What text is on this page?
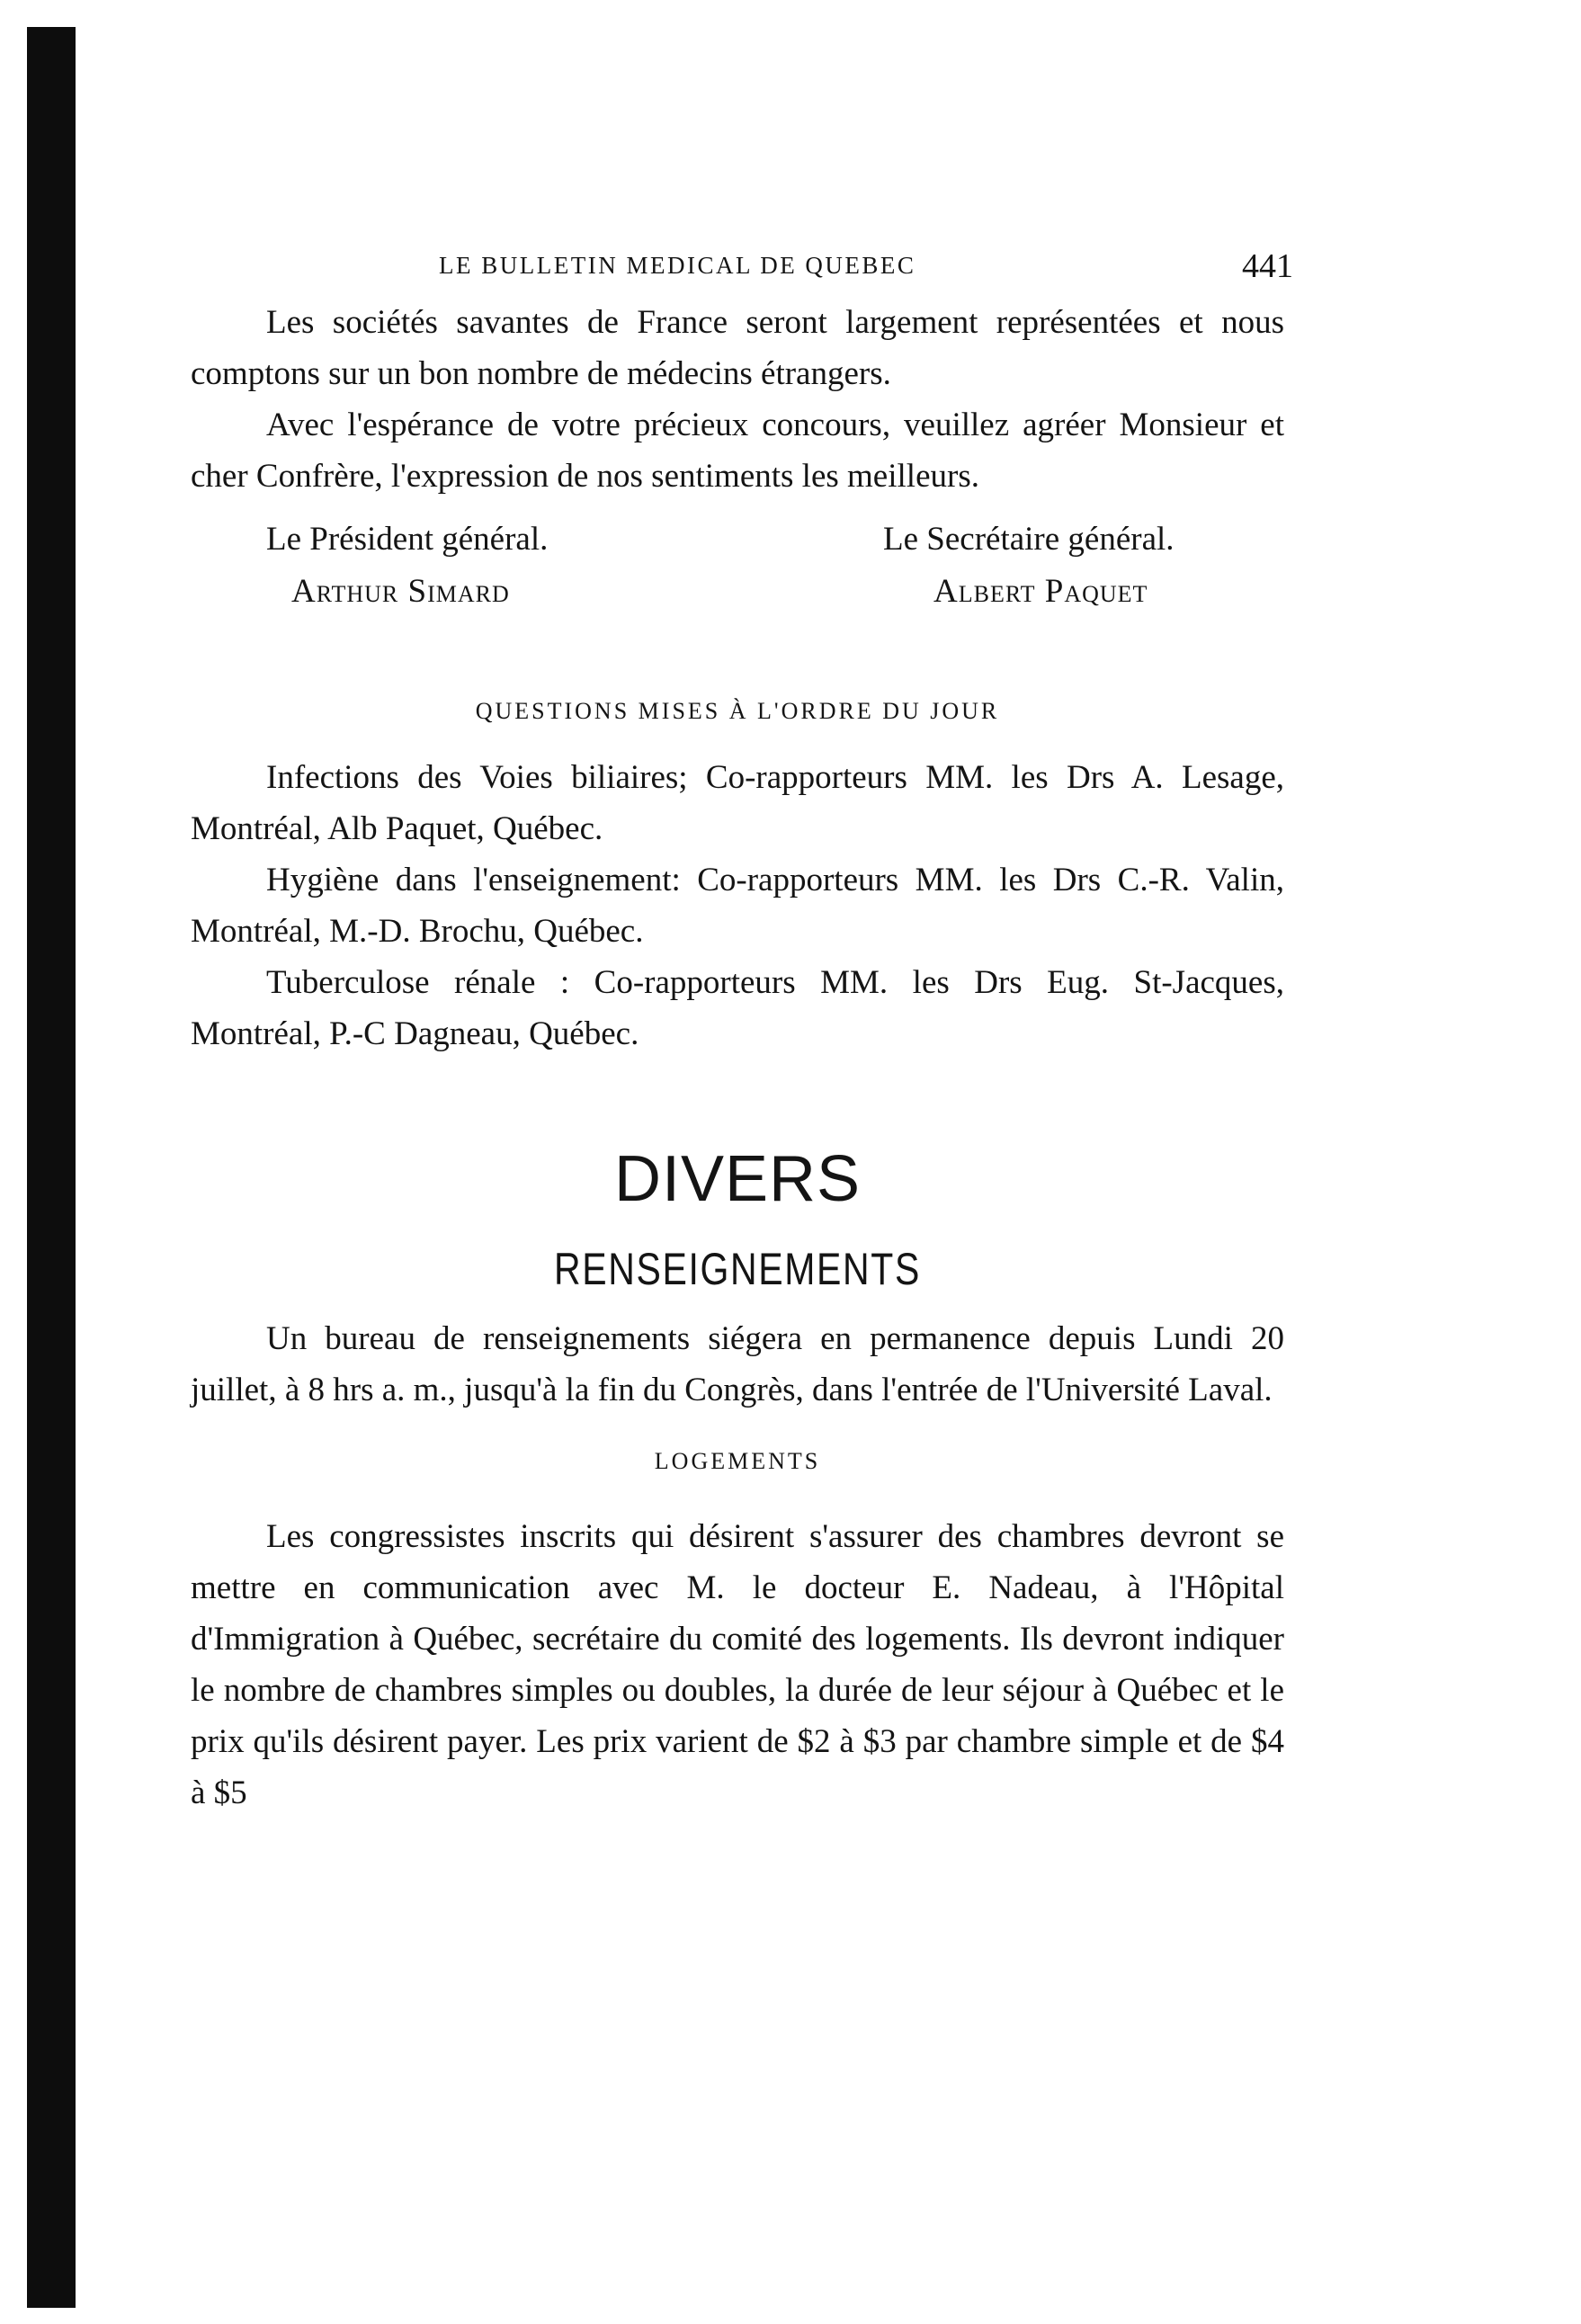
LE BULLETIN MEDICAL DE QUEBEC	441

Les sociétés savantes de France seront largement représentées et nous comptons sur un bon nombre de médecins étrangers.

Avec l'espérance de votre précieux concours, veuillez agréer Monsieur et cher Confrère, l'expression de nos sentiments les meilleurs.

Le Président général.
Arthur Simard
Le Secrétaire général.
Albert Paquet
QUESTIONS MISES À L'ORDRE DU JOUR

Infections des Voies biliaires; Co-rapporteurs MM. les Drs A. Lesage, Montréal, Alb Paquet, Québec.

Hygiène dans l'enseignement: Co-rapporteurs MM. les Drs C.-R. Valin, Montréal, M.-D. Brochu, Québec.

Tuberculose rénale : Co-rapporteurs MM. les Drs Eug. St-Jacques, Montréal, P.-C Dagneau, Québec.

DIVERS
RENSEIGNEMENTS

Un bureau de renseignements siégera en permanence depuis Lundi 20 juillet, à 8 hrs a. m., jusqu'à la fin du Congrès, dans l'entrée de l'Université Laval.

LOGEMENTS

Les congressistes inscrits qui désirent s'assurer des chambres devront se mettre en communication avec M. le docteur E. Nadeau, à l'Hôpital d'Immigration à Québec, secrétaire du comité des logements. Ils devront indiquer le nombre de chambres simples ou doubles, la durée de leur séjour à Québec et le prix qu'ils désirent payer. Les prix varient de $2 à $3 par chambre simple et de $4 à $5
